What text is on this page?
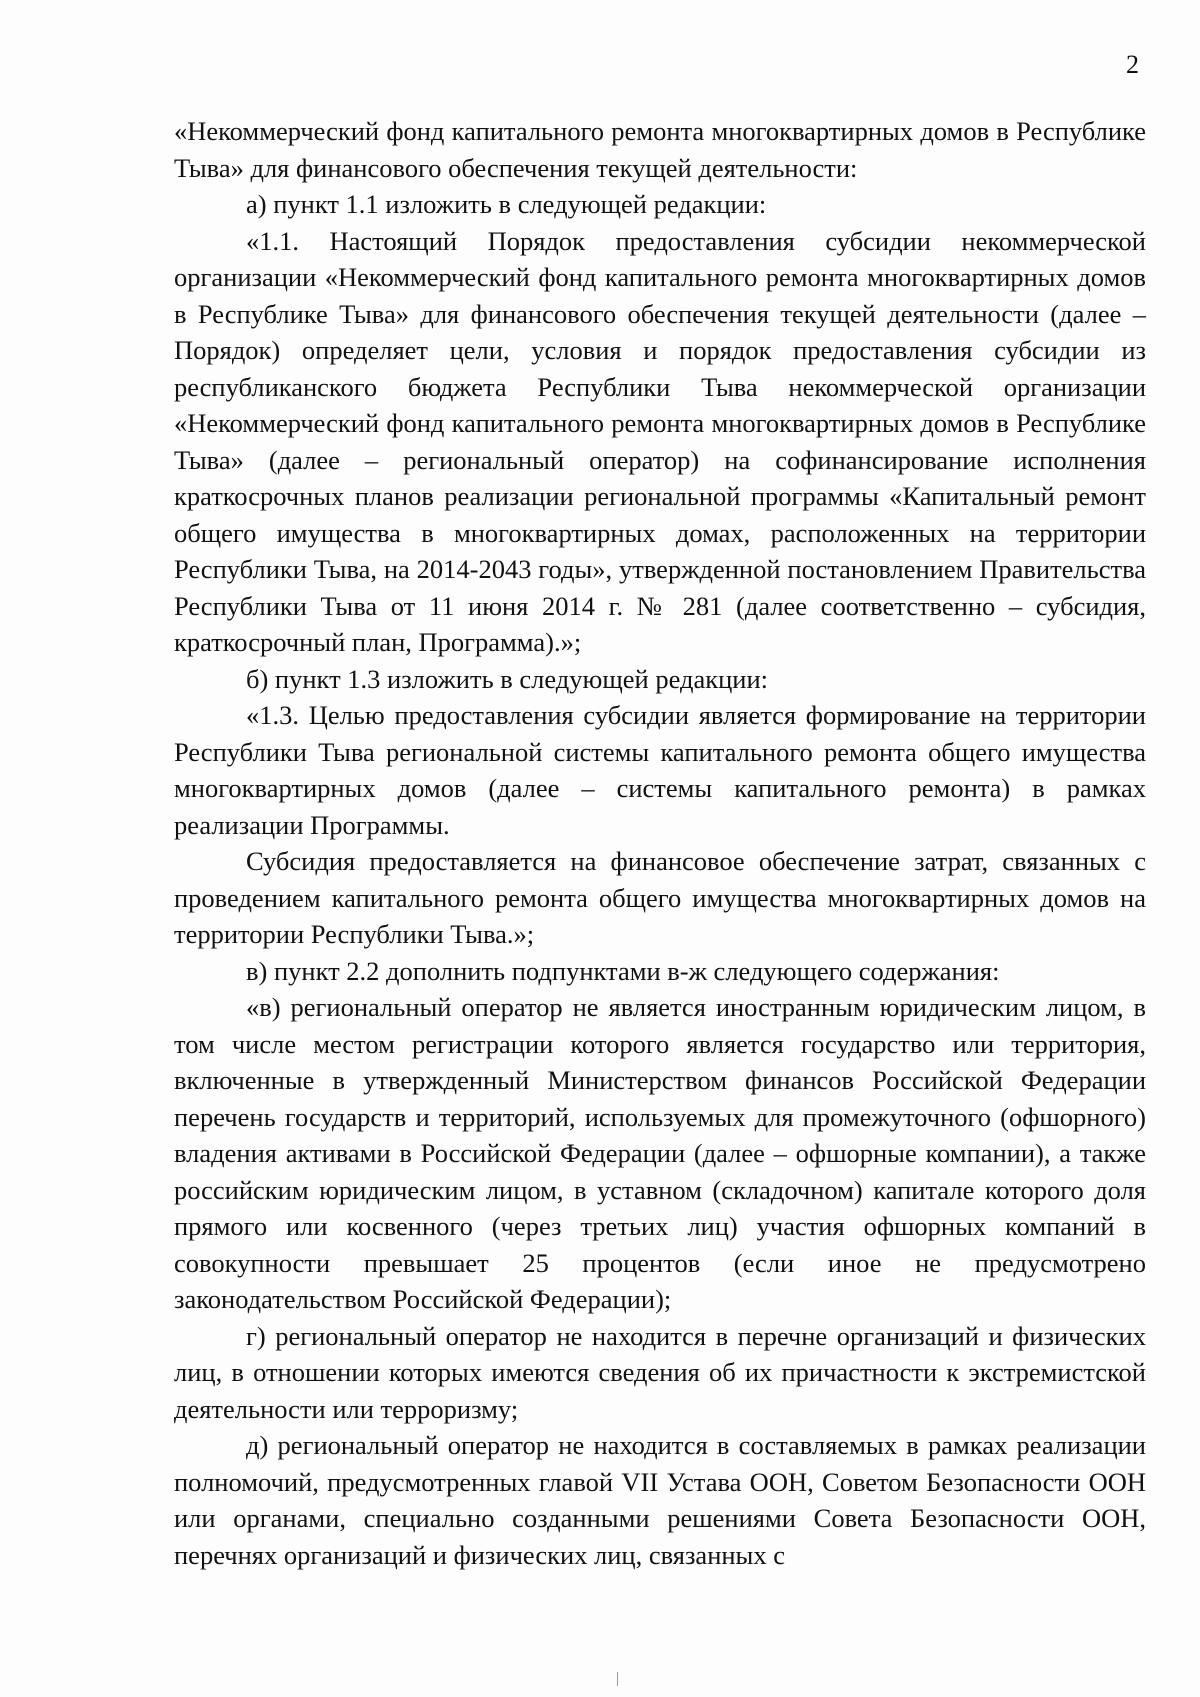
2

«Некоммерческий фонд капитального ремонта многоквартирных домов в Республике Тыва» для финансового обеспечения текущей деятельности:

а) пункт 1.1 изложить в следующей редакции:

«1.1. Настоящий Порядок предоставления субсидии некоммерческой организации «Некоммерческий фонд капитального ремонта многоквартирных домов в Республике Тыва» для финансового обеспечения текущей деятельности (далее – Порядок) определяет цели, условия и порядок предоставления субсидии из республиканского бюджета Республики Тыва некоммерческой организации «Некоммерческий фонд капитального ремонта многоквартирных домов в Республике Тыва» (далее – региональный оператор) на софинансирование исполнения краткосрочных планов реализации региональной программы «Капитальный ремонт общего имущества в многоквартирных домах, расположенных на территории Республики Тыва, на 2014-2043 годы», утвержденной постановлением Правительства Республики Тыва от 11 июня 2014 г. № 281 (далее соответственно – субсидия, краткосрочный план, Программа).»;

б) пункт 1.3 изложить в следующей редакции:

«1.3. Целью предоставления субсидии является формирование на территории Республики Тыва региональной системы капитального ремонта общего имущества многоквартирных домов (далее – системы капитального ремонта) в рамках реализации Программы.

Субсидия предоставляется на финансовое обеспечение затрат, связанных с проведением капитального ремонта общего имущества многоквартирных домов на территории Республики Тыва.»;

в) пункт 2.2 дополнить подпунктами в-ж следующего содержания:

«в) региональный оператор не является иностранным юридическим лицом, в том числе местом регистрации которого является государство или территория, включенные в утвержденный Министерством финансов Российской Федерации перечень государств и территорий, используемых для промежуточного (офшорного) владения активами в Российской Федерации (далее – офшорные компании), а также российским юридическим лицом, в уставном (складочном) капитале которого доля прямого или косвенного (через третьих лиц) участия офшорных компаний в совокупности превышает 25 процентов (если иное не предусмотрено законодательством Российской Федерации);

г) региональный оператор не находится в перечне организаций и физических лиц, в отношении которых имеются сведения об их причастности к экстремистской деятельности или терроризму;

д) региональный оператор не находится в составляемых в рамках реализации полномочий, предусмотренных главой VII Устава ООН, Советом Безопасности ООН или органами, специально созданными решениями Совета Безопасности ООН, перечнях организаций и физических лиц, связанных с
